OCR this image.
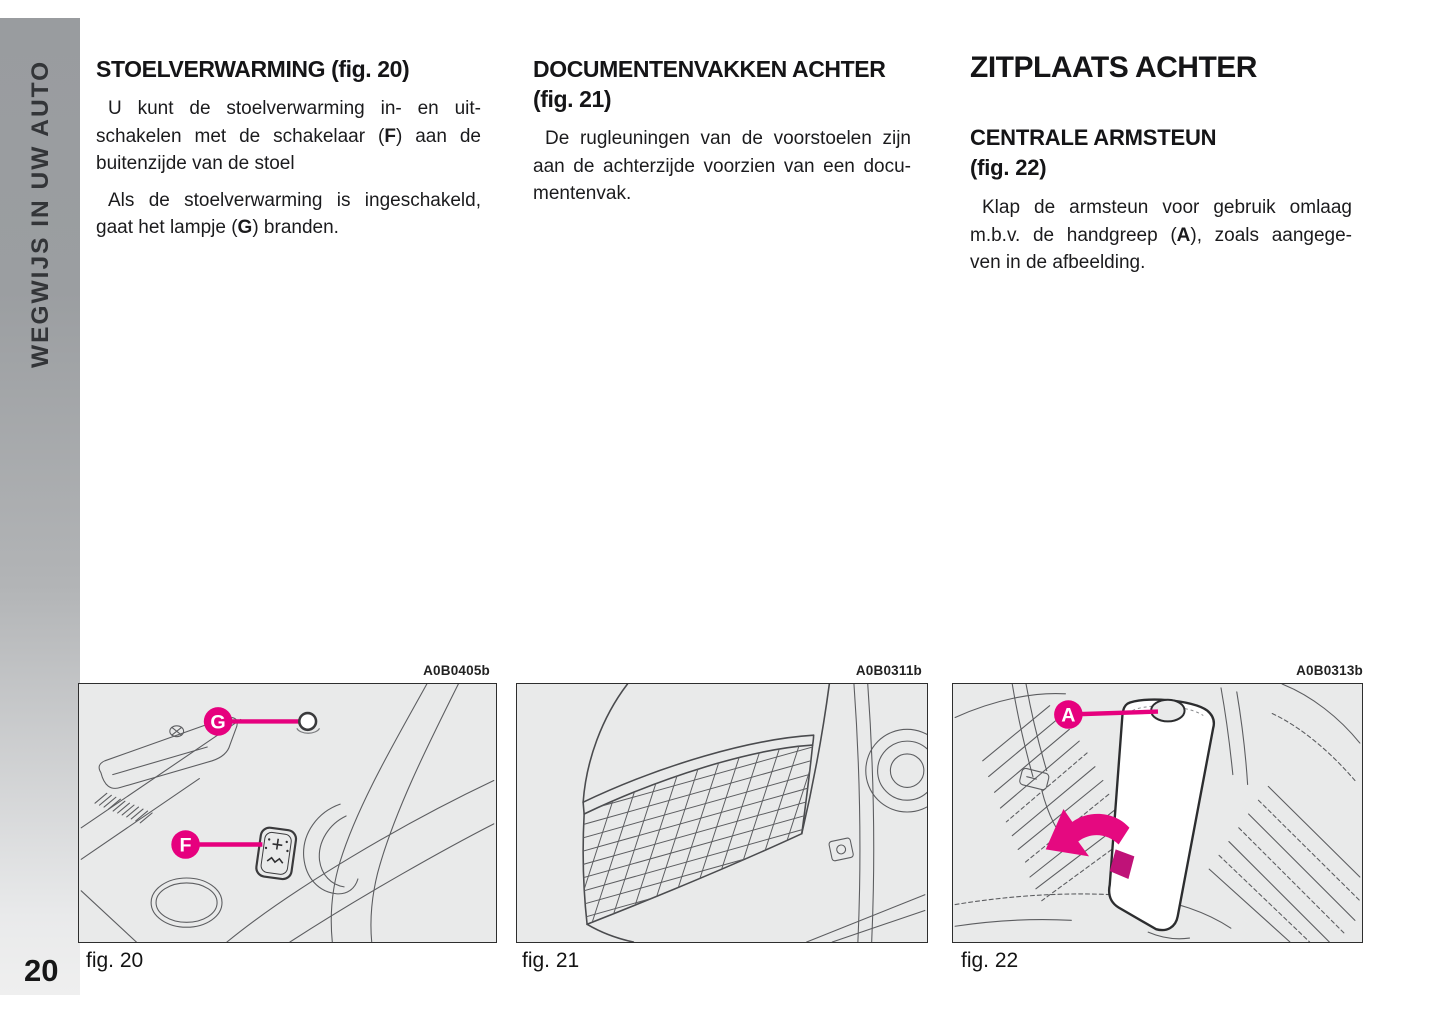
WEGWIJS IN UW AUTO
20
STOELVERWARMING (fig. 20)
U kunt de stoelverwarming in- en uit-
schakelen met de schakelaar (F) aan de
buitenzijde van de stoel
Als de stoelverwarming is ingeschakeld,
gaat het lampje (G) branden.
DOCUMENTENVAKKEN ACHTER
(fig. 21)
De rugleuningen van de voorstoelen zijn
aan de achterzijde voorzien van een docu-
mentenvak.
ZITPLAATS ACHTER
CENTRALE ARMSTEUN
(fig. 22)
Klap de armsteun voor gebruik omlaag
m.b.v. de handgreep (A), zoals aangege-
ven in de afbeelding.
A0B0405b	A0B0311b	A0B0313b
G
F
A
fig. 20	fig. 21	fig. 22
